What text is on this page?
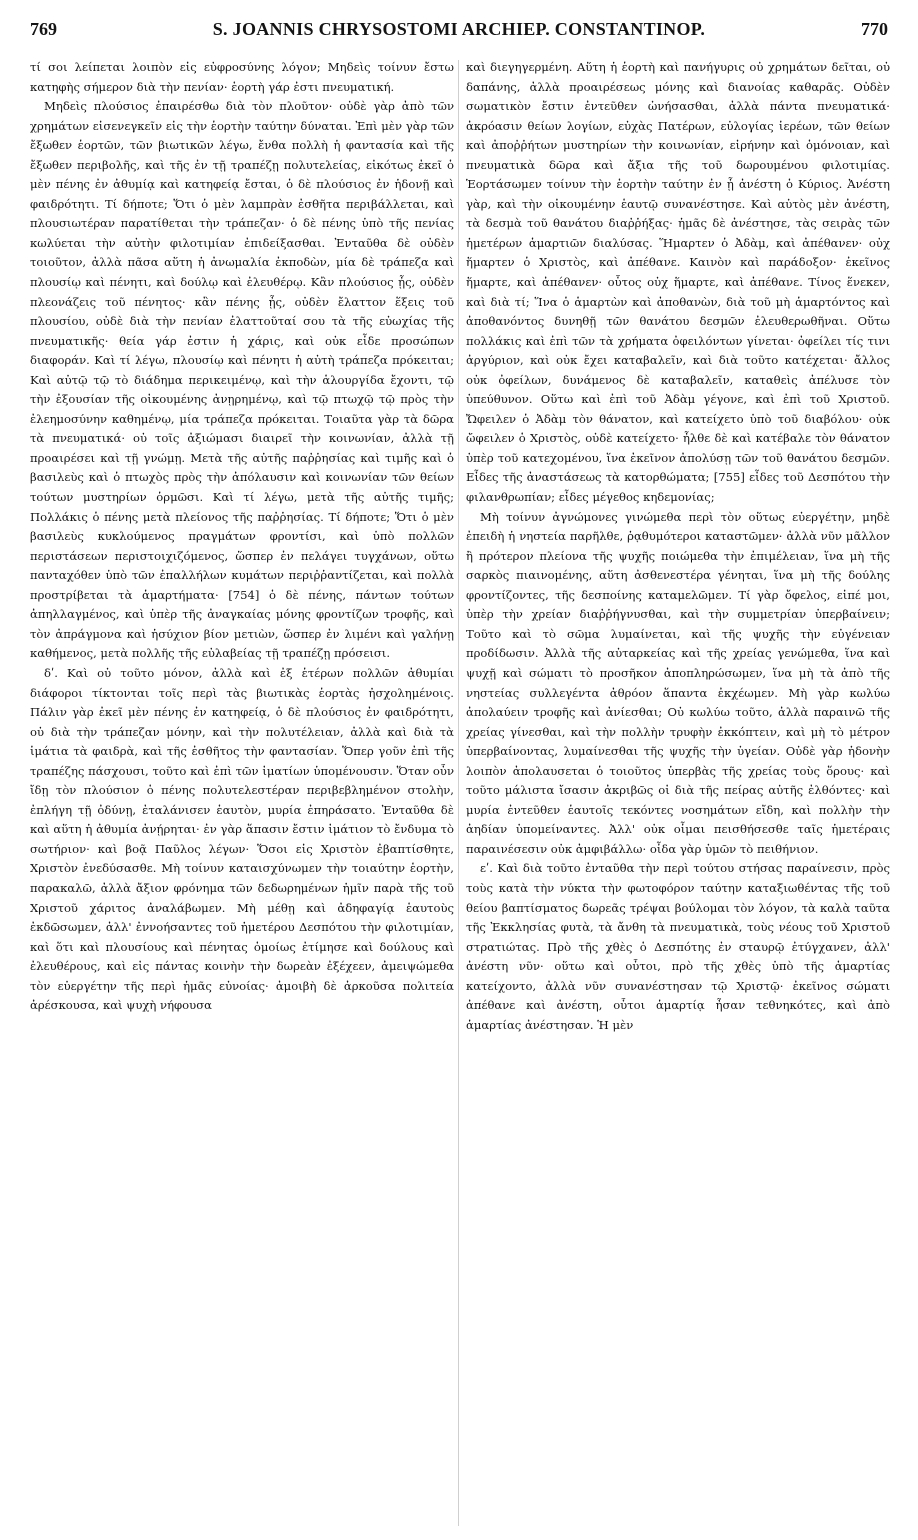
769	S. JOANNIS CHRYSOSTOMI ARCHIEP. CONSTANTINOP.	770

τί σοι λείπεται λοιπὸν εἰς εὐφροσύνης λόγον; Μηδεὶς τοίνυν ἔστω κατηφὴς σήμερον διὰ τὴν πενίαν· ἑορτὴ γάρ ἐστι πνευματική.

Μηδεὶς πλούσιος ἐπαιρέσθω διὰ τὸν πλοῦτον· οὐδὲ γὰρ ἀπὸ τῶν χρημάτων εἰσενεγκεῖν εἰς τὴν ἑορτὴν ταύτην δύναται. Ἐπὶ μὲν γὰρ τῶν ἔξωθεν ἑορτῶν, τῶν βιωτικῶν λέγω, ἔνθα πολλὴ ἡ φαντασία καὶ τῆς ἔξωθεν περιβολῆς, καὶ τῆς ἐν τῇ τραπέζῃ πολυτελείας, εἰκότως ἐκεῖ ὁ μὲν πένης ἐν ἀθυμίᾳ καὶ κατηφείᾳ ἔσται, ὁ δὲ πλούσιος ἐν ἡδονῇ καὶ φαιδρότητι. Τί δήποτε; Ὅτι ὁ μὲν λαμπρὰν ἐσθῆτα περιβάλλεται, καὶ πλουσιωτέραν παρατίθεται τὴν τράπεζαν· ὁ δὲ πένης ὑπὸ τῆς πενίας κωλύεται τὴν αὐτὴν φιλοτιμίαν ἐπιδείξασθαι. Ἐνταῦθα δὲ οὐδὲν τοιοῦτον, ἀλλὰ πᾶσα αὕτη ἡ ἀνωμαλία ἐκποδὼν, μία δὲ τράπεζα καὶ πλουσίῳ καὶ πένητι, καὶ δούλῳ καὶ ἐλευθέρῳ. Κἂν πλούσιος ᾖς, οὐδὲν πλεονάζεις τοῦ πένητος· κἂν πένης ᾖς, οὐδὲν ἔλαττον ἕξεις τοῦ πλουσίου, οὐδὲ διὰ τὴν πενίαν ἐλαττοῦταί σου τὰ τῆς εὐωχίας τῆς πνευματικῆς· θεία γάρ ἐστιν ἡ χάρις, καὶ οὐκ εἶδε προσώπων διαφοράν. Καὶ τί λέγω, πλουσίῳ καὶ πένητι ἡ αὐτὴ τράπεζα πρόκειται; Καὶ αὐτῷ τῷ τὸ διάδημα περικειμένῳ, καὶ τὴν ἁλουργίδα ἔχοντι, τῷ τὴν ἐξουσίαν τῆς οἰκουμένης ἀνῃρημένῳ, καὶ τῷ πτωχῷ τῷ πρὸς τὴν ἐλεημοσύνην καθημένῳ, μία τράπεζα πρόκειται. Τοιαῦτα γὰρ τὰ δῶρα τὰ πνευματικά· οὐ τοῖς ἀξιώμασι διαιρεῖ τὴν κοινωνίαν, ἀλλὰ τῇ προαιρέσει καὶ τῇ γνώμῃ. Μετὰ τῆς αὐτῆς παῤῥησίας καὶ τιμῆς καὶ ὁ βασιλεὺς καὶ ὁ πτωχὸς πρὸς τὴν ἀπόλαυσιν καὶ κοινωνίαν τῶν θείων τούτων μυστηρίων ὁρμῶσι. Καὶ τί λέγω, μετὰ τῆς αὐτῆς τιμῆς; Πολλάκις ὁ πένης μετὰ πλείονος τῆς παῤῥησίας. Τί δήποτε; Ὅτι ὁ μὲν βασιλεὺς κυκλούμενος πραγμάτων φροντίσι, καὶ ὑπὸ πολλῶν περιστάσεων περιστοιχιζόμενος, ὥσπερ ἐν πελάγει τυγχάνων, οὕτω πανταχόθεν ὑπὸ τῶν ἐπαλλήλων κυμάτων περιῤῥαντίζεται, καὶ πολλὰ προστρίβεται τὰ ἁμαρτήματα· [754] ὁ δὲ πένης, πάντων τούτων ἀπηλλαγμένος, καὶ ὑπὲρ τῆς ἀναγκαίας μόνης φροντίζων τροφῆς, καὶ τὸν ἀπράγμονα καὶ ἡσύχιον βίον μετιὼν, ὥσπερ ἐν λιμένι καὶ γαλήνῃ καθήμενος, μετὰ πολλῆς τῆς εὐλαβείας τῇ τραπέζῃ πρόσεισι.

δʹ. Καὶ οὐ τοῦτο μόνον, ἀλλὰ καὶ ἐξ ἑτέρων πολλῶν ἀθυμίαι διάφοροι τίκτονται τοῖς περὶ τὰς βιωτικὰς ἑορτὰς ἠσχολημένοις. Πάλιν γὰρ ἐκεῖ μὲν πένης ἐν κατηφείᾳ, ὁ δὲ πλούσιος ἐν φαιδρότητι, οὐ διὰ τὴν τράπεζαν μόνην, καὶ τὴν πολυτέλειαν, ἀλλὰ καὶ διὰ τὰ ἱμάτια τὰ φαιδρὰ, καὶ τῆς ἐσθῆτος τὴν φαντασίαν. Ὅπερ γοῦν ἐπὶ τῆς τραπέζης πάσχουσι, τοῦτο καὶ ἐπὶ τῶν ἱματίων ὑπομένουσιν. Ὅταν οὖν ἴδῃ τὸν πλούσιον ὁ πένης πολυτελεστέραν περιβεβλημένον στολὴν, ἐπλήγη τῇ ὀδύνῃ, ἐταλάνισεν ἑαυτὸν, μυρία ἐπηράσατο. Ἐνταῦθα δὲ καὶ αὕτη ἡ ἀθυμία ἀνῄρηται· ἐν γὰρ ἅπασιν ἔστιν ἱμάτιον τὸ ἔνδυμα τὸ σωτήριον· καὶ βοᾷ Παῦλος λέγων· Ὅσοι εἰς Χριστὸν ἐβαπτίσθητε, Χριστὸν ἐνεδύσασθε. Μὴ τοίνυν καταισχύνωμεν τὴν τοιαύτην ἑορτὴν, παρακαλῶ, ἀλλὰ ἄξιον φρόνημα τῶν δεδωρημένων ἡμῖν παρὰ τῆς τοῦ Χριστοῦ χάριτος ἀναλάβωμεν. Μὴ μέθῃ καὶ ἀδηφαγίᾳ ἑαυτοὺς ἐκδῶσωμεν, ἀλλ' ἐννοήσαντες τοῦ ἡμετέρου Δεσπότου τὴν φιλοτιμίαν, καὶ ὅτι καὶ πλουσίους καὶ πένητας ὁμοίως ἐτίμησε καὶ δούλους καὶ ἐλευθέρους, καὶ εἰς πάντας κοινὴν τὴν δωρεὰν ἐξέχεεν, ἀμειψώμεθα τὸν εὐεργέτην τῆς περὶ ἡμᾶς εὐνοίας· ἀμοιβὴ δὲ ἀρκοῦσα πολιτεία ἀρέσκουσα, καὶ ψυχὴ νήφουσα

καὶ διεγηγερμένη. Αὕτη ἡ ἑορτὴ καὶ πανήγυρις οὐ χρημάτων δεῖται, οὐ δαπάνης, ἀλλὰ προαιρέσεως μόνης καὶ διανοίας καθαρᾶς. Οὐδὲν σωματικὸν ἔστιν ἐντεῦθεν ὠνήσασθαι, ἀλλὰ πάντα πνευματικά· ἀκρόασιν θείων λογίων, εὐχὰς Πατέρων, εὐλογίας ἱερέων, τῶν θείων καὶ ἀποῤῥήτων μυστηρίων τὴν κοινωνίαν, εἰρήνην καὶ ὁμόνοιαν, καὶ πνευματικὰ δῶρα καὶ ἄξια τῆς τοῦ δωρουμένου φιλοτιμίας. Ἑορτάσωμεν τοίνυν τὴν ἑορτὴν ταύτην ἐν ᾗ ἀνέστη ὁ Κύριος. Ἀνέστη γὰρ, καὶ τὴν οἰκουμένην ἑαυτῷ συνανέστησε. Καὶ αὐτὸς μὲν ἀνέστη, τὰ δεσμὰ τοῦ θανάτου διαῤῥήξας· ἡμᾶς δὲ ἀνέστησε, τὰς σειρὰς τῶν ἡμετέρων ἁμαρτιῶν διαλύσας. Ἥμαρτεν ὁ Ἀδὰμ, καὶ ἀπέθανεν· οὐχ ἥμαρτεν ὁ Χριστὸς, καὶ ἀπέθανε. Καινὸν καὶ παράδοξον· ἐκεῖνος ἥμαρτε, καὶ ἀπέθανεν· οὗτος οὐχ ἥμαρτε, καὶ ἀπέθανε. Τίνος ἕνεκεν, καὶ διὰ τί; Ἵνα ὁ ἁμαρτὼν καὶ ἀποθανὼν, διὰ τοῦ μὴ ἁμαρτόντος καὶ ἀποθανόντος δυνηθῇ τῶν θανάτου δεσμῶν ἐλευθερωθῆναι. Οὕτω πολλάκις καὶ ἐπὶ τῶν τὰ χρήματα ὀφειλόντων γίνεται· ὀφείλει τίς τινι ἀργύριον, καὶ οὐκ ἔχει καταβαλεῖν, καὶ διὰ τοῦτο κατέχεται· ἄλλος οὐκ ὀφείλων, δυνάμενος δὲ καταβαλεῖν, καταθεὶς ἀπέλυσε τὸν ὑπεύθυνον. Οὕτω καὶ ἐπὶ τοῦ Ἀδὰμ γέγονε, καὶ ἐπὶ τοῦ Χριστοῦ. Ὤφειλεν ὁ Ἀδὰμ τὸν θάνατον, καὶ κατείχετο ὑπὸ τοῦ διαβόλου· οὐκ ὤφειλεν ὁ Χριστὸς, οὐδὲ κατείχετο· ἦλθε δὲ καὶ κατέβαλε τὸν θάνατον ὑπὲρ τοῦ κατεχομένου, ἵνα ἐκεῖνον ἀπολύσῃ τῶν τοῦ θανάτου δεσμῶν. Εἶδες τῆς ἀναστάσεως τὰ κατορθώματα; [755] εἶδες τοῦ Δεσπότου τὴν φιλανθρωπίαν; εἶδες μέγεθος κηδεμονίας;

Μὴ τοίνυν ἀγνώμονες γινώμεθα περὶ τὸν οὕτως εὐεργέτην, μηδὲ ἐπειδὴ ἡ νηστεία παρῆλθε, ῥᾳθυμότεροι καταστῶμεν· ἀλλὰ νῦν μᾶλλον ἢ πρότερον πλείονα τῆς ψυχῆς ποιώμεθα τὴν ἐπιμέλειαν, ἵνα μὴ τῆς σαρκὸς πιαινομένης, αὕτη ἀσθενεστέρα γένηται, ἵνα μὴ τῆς δούλης φροντίζοντες, τῆς δεσποίνης καταμελῶμεν. Τί γὰρ ὄφελος, εἰπέ μοι, ὑπὲρ τὴν χρείαν διαῤῥήγνυσθαι, καὶ τὴν συμμετρίαν ὑπερβαίνειν; Τοῦτο καὶ τὸ σῶμα λυμαίνεται, καὶ τῆς ψυχῆς τὴν εὐγένειαν προδίδωσιν. Ἀλλὰ τῆς αὐταρκείας καὶ τῆς χρείας γενώμεθα, ἵνα καὶ ψυχῇ καὶ σώματι τὸ προσῆκον ἀποπληρώσωμεν, ἵνα μὴ τὰ ἀπὸ τῆς νηστείας συλλεγέντα ἀθρόον ἅπαντα ἐκχέωμεν. Μὴ γὰρ κωλύω ἀπολαύειν τροφῆς καὶ ἀνίεσθαι; Οὐ κωλύω τοῦτο, ἀλλὰ παραινῶ τῆς χρείας γίνεσθαι, καὶ τὴν πολλὴν τρυφὴν ἐκκόπτειν, καὶ μὴ τὸ μέτρον ὑπερβαίνοντας, λυμαίνεσθαι τῆς ψυχῆς τὴν ὑγείαν. Οὐδὲ γὰρ ἡδονὴν λοιπὸν ἀπολαυσεται ὁ τοιοῦτος ὑπερβὰς τῆς χρείας τοὺς ὅρους· καὶ τοῦτο μάλιστα ἴσασιν ἀκριβῶς οἱ διὰ τῆς πείρας αὐτῆς ἐλθόντες· καὶ μυρία ἐντεῦθεν ἑαυτοῖς τεκόντες νοσημάτων εἴδη, καὶ πολλὴν τὴν ἀηδίαν ὑπομείναντες. Ἀλλ' οὐκ οἶμαι πεισθήσεσθε ταῖς ἡμετέραις παραινέσεσιν οὐκ ἀμφιβάλλω· οἶδα γὰρ ὑμῶν τὸ πειθήνιον.

εʹ. Καὶ διὰ τοῦτο ἐνταῦθα τὴν περὶ τούτου στήσας παραίνεσιν, πρὸς τοὺς κατὰ τὴν νύκτα τὴν φωτοφόρον ταύτην καταξιωθέντας τῆς τοῦ θείου βαπτίσματος δωρεᾶς τρέψαι βούλομαι τὸν λόγον, τὰ καλὰ ταῦτα τῆς Ἐκκλησίας φυτὰ, τὰ ἄνθη τὰ πνευματικὰ, τοὺς νέους τοῦ Χριστοῦ στρατιώτας. Πρὸ τῆς χθὲς ὁ Δεσπότης ἐν σταυρῷ ἐτύγχανεν, ἀλλ' ἀνέστη νῦν· οὕτω καὶ οὗτοι, πρὸ τῆς χθὲς ὑπὸ τῆς ἁμαρτίας κατείχοντο, ἀλλὰ νῦν συνανέστησαν τῷ Χριστῷ· ἐκεῖνος σώματι ἀπέθανε καὶ ἀνέστη, οὗτοι ἁμαρτίᾳ ἦσαν τεθνηκότες, καὶ ἀπὸ ἁμαρτίας ἀνέστησαν. Ἡ μὲν
